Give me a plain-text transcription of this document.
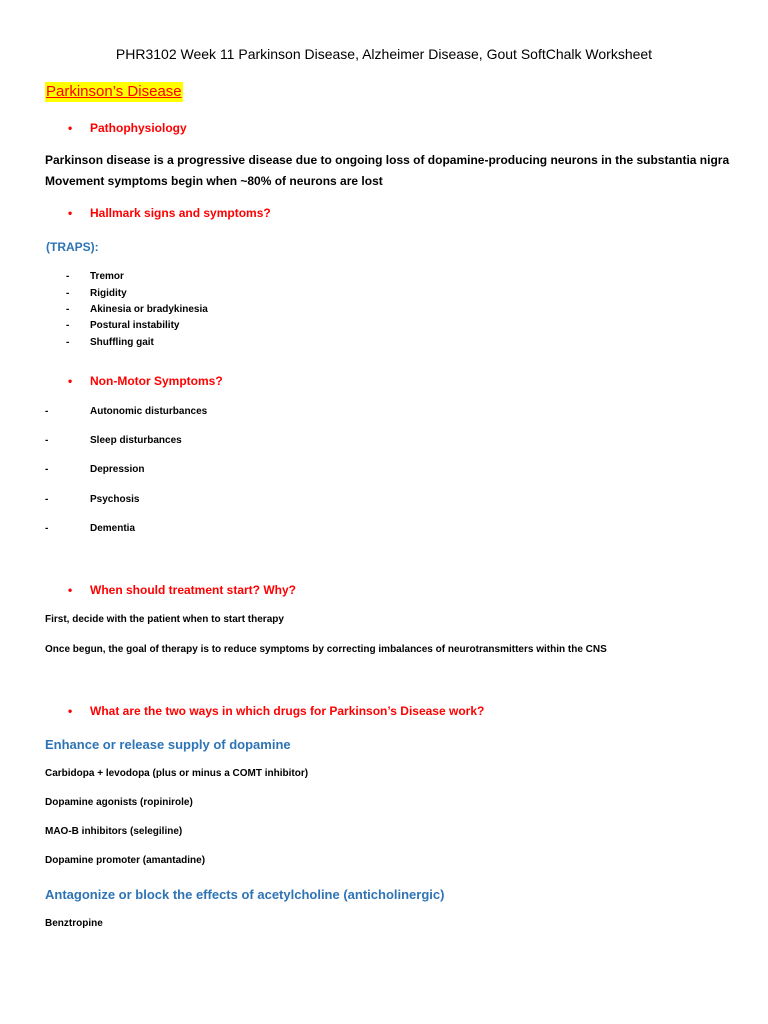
PHR3102 Week 11 Parkinson Disease, Alzheimer Disease, Gout SoftChalk Worksheet
Parkinson’s Disease
• Pathophysiology
Parkinson disease is a progressive disease due to ongoing loss of dopamine-producing neurons in the substantia nigra
Movement symptoms begin when ~80% of neurons are lost
• Hallmark signs and symptoms?
(TRAPS):
- Tremor
- Rigidity
- Akinesia or bradykinesia
- Postural instability
- Shuffling gait
• Non-Motor Symptoms?
-	Autonomic disturbances
-	Sleep disturbances
-	Depression
-	Psychosis
-	Dementia
• When should treatment start? Why?
First, decide with the patient when to start therapy
Once begun, the goal of therapy is to reduce symptoms by correcting imbalances of neurotransmitters within the CNS
• What are the two ways in which drugs for Parkinson’s Disease work?
Enhance or release supply of dopamine
Carbidopa + levodopa (plus or minus a COMT inhibitor)
Dopamine agonists (ropinirole)
MAO-B inhibitors (selegiline)
Dopamine promoter (amantadine)
Antagonize or block the effects of acetylcholine (anticholinergic)
Benztropine
